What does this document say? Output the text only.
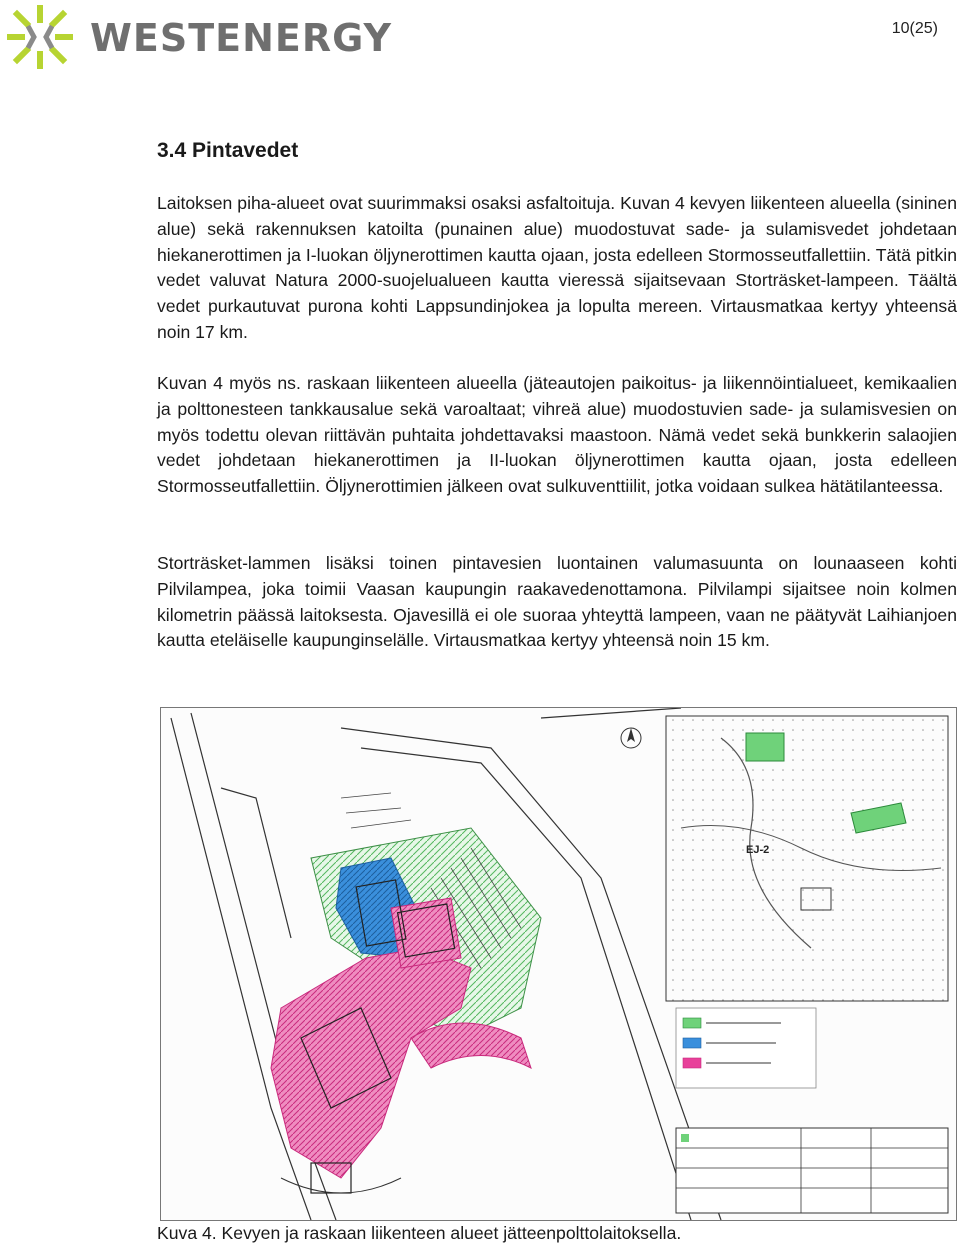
WESTENERGY	10(25)
3.4 Pintavedet

Laitoksen piha-alueet ovat suurimmaksi osaksi asfaltoituja. Kuvan 4 kevyen liikenteen alueella (sininen alue) sekä rakennuksen katoilta (punainen alue) muodostuvat sade- ja sulamisvedet johdetaan hiekanerottimen ja I-luokan öljynerottimen kautta ojaan, josta edelleen Stormosseutfallettiin. Tätä pitkin vedet valuvat Natura 2000-suojelualueen kautta vieressä sijaitsevaan Storträsket-lampeen. Täältä vedet purkautuvat purona kohti Lappsundinjokea ja lopulta mereen. Virtausmatkaa kertyy yhteensä noin 17 km.

Kuvan 4 myös ns. raskaan liikenteen alueella (jäteautojen paikoitus- ja liikennöintialueet, kemikaalien ja polttonesteen tankkausalue sekä varoaltaat; vihreä alue) muodostuvien sade- ja sulamisvesien on myös todettu olevan riittävän puhtaita johdettavaksi maastoon. Nämä vedet sekä bunkkerin salaojien vedet johdetaan hiekanerottimen ja II-luokan öljynerottimen kautta ojaan, josta edelleen Stormosseutfallettiin. Öljynerottimien jälkeen ovat sulkuventtiilit, jotka voidaan sulkea hätätilanteessa.

Storträsket-lammen lisäksi toinen pintavesien luontainen valumasuunta on lounaaseen kohti Pilvilampea, joka toimii Vaasan kaupungin raakavedenottamona. Pilvilampi sijaitsee noin kolmen kilometrin päässä laitoksesta. Ojavesillä ei ole suoraa yhteyttä lampeen, vaan ne päätyvät Laihianjoen kautta eteläiselle kaupunginselälle. Virtausmatkaa kertyy yhteensä noin 15 km.

EJ-2

Kuva 4. Kevyen ja raskaan liikenteen alueet jätteenpolttolaitoksella.
